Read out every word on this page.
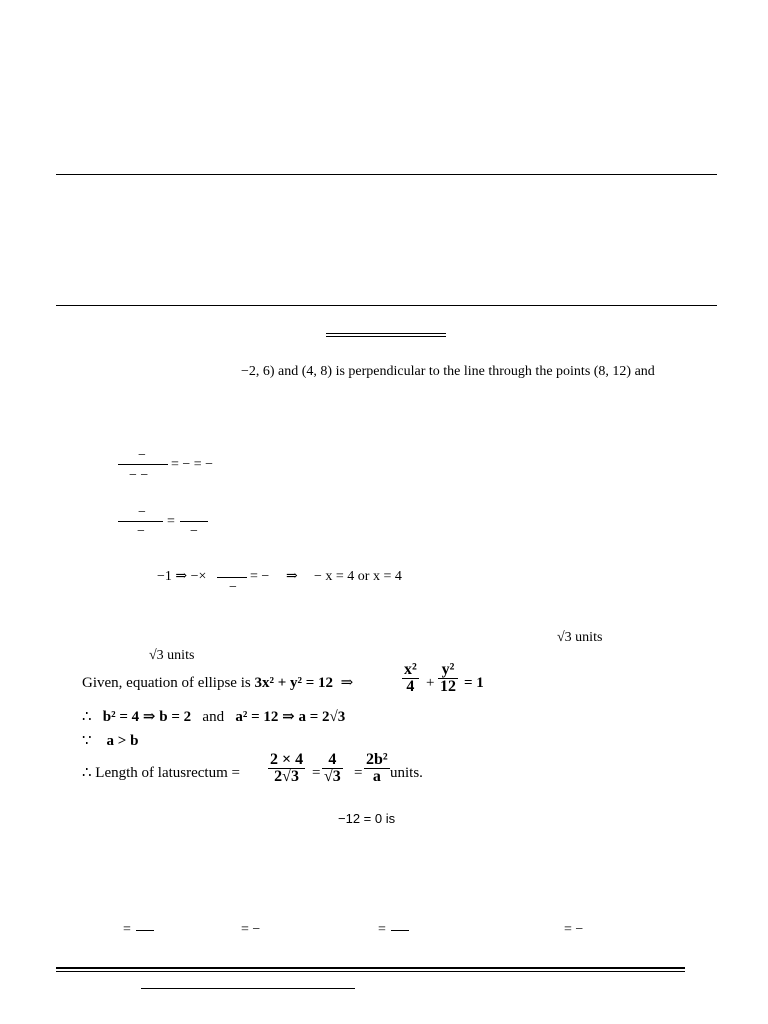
−2, 6) and (4, 8) is perpendicular to the line through the points (8, 12) and
−
− −
= − = −
−
−
=
−
−1 ⇒ −×
−
= − ⇒ − x = 4 or x = 4
√3 units
√3 units
Given, equation of ellipse is 3x² + y² = 12 ⇒	$\frac{\text{x²}}{4} + \frac{\text{y²}}{12} = 1$
∴ b² = 4 ⇒ b = 2 and a² = 12 ⇒ a = 2√3
∵ a > b
∴ Length of latusrectum = $\frac{2 \times 4}{2√3} = \frac{4}{√3} = \frac{\text{2b²}}{a}$ units.
−12 = 0 is
=	= −	=	= −
